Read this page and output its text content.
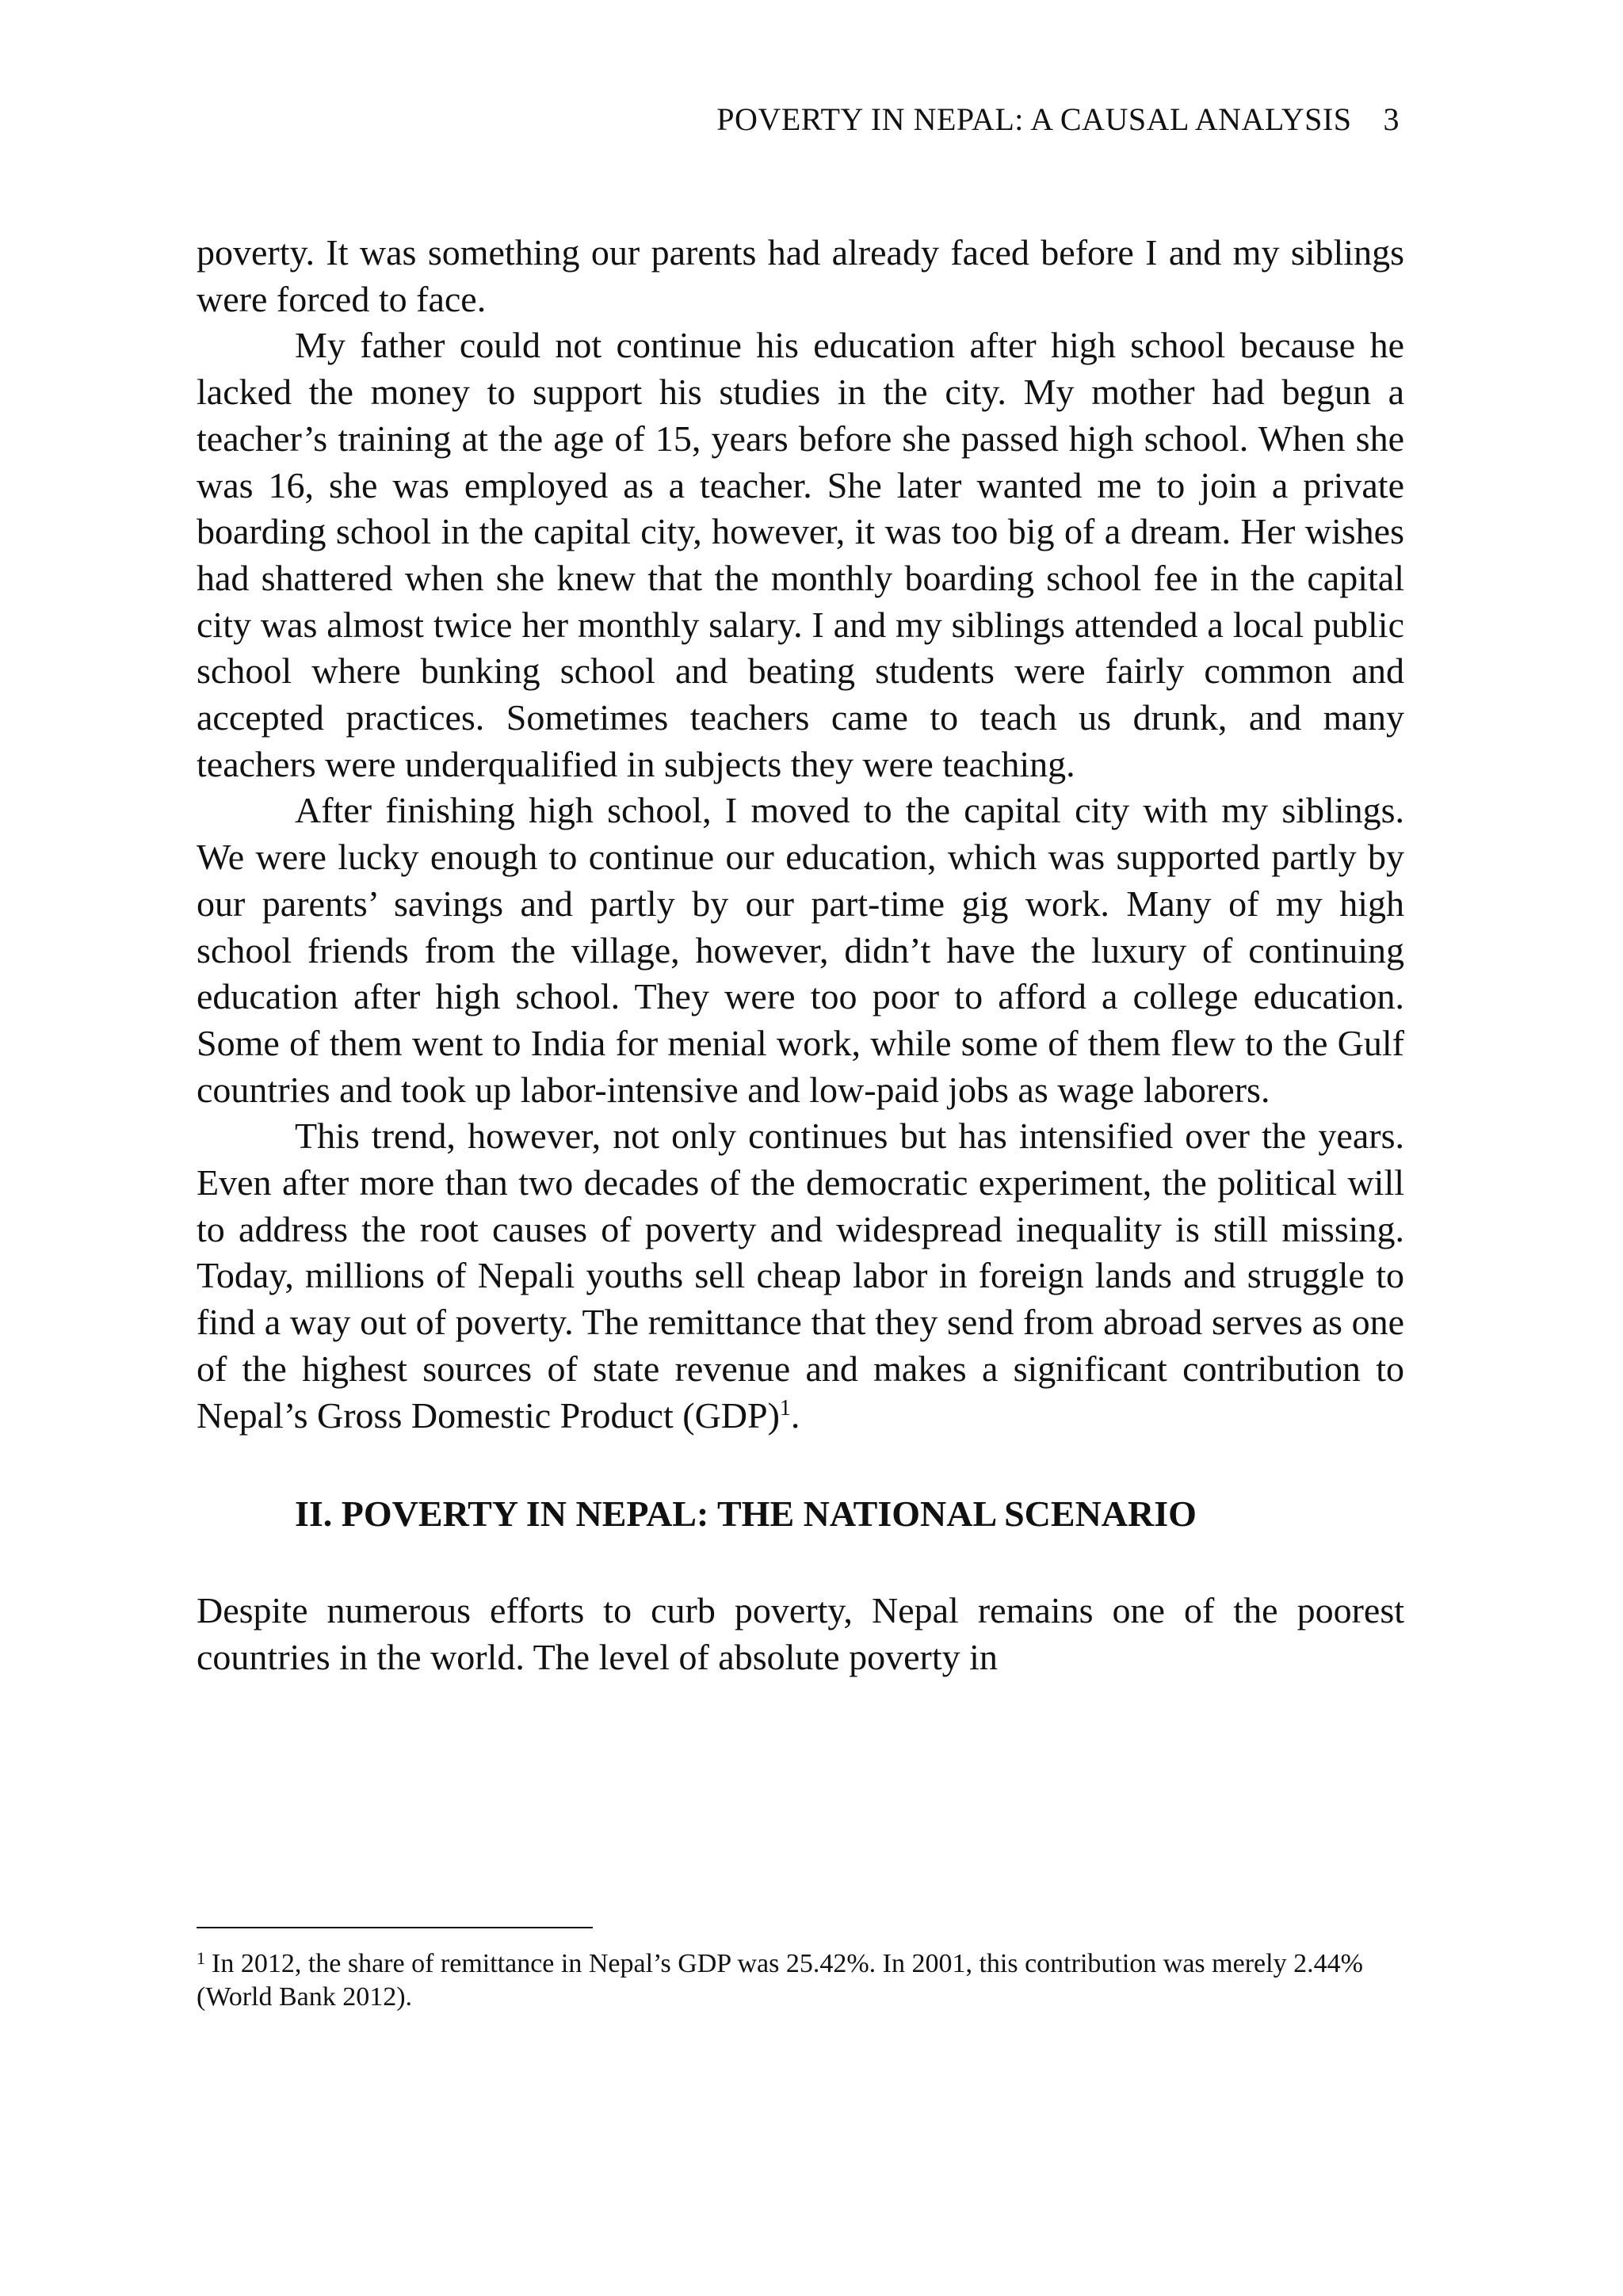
POVERTY IN NEPAL: A CAUSAL ANALYSIS 3

poverty. It was something our parents had already faced before I and my siblings were forced to face.

My father could not continue his education after high school because he lacked the money to support his studies in the city. My mother had begun a teacher’s training at the age of 15, years before she passed high school. When she was 16, she was employed as a teacher. She later wanted me to join a private boarding school in the capital city, however, it was too big of a dream. Her wishes had shattered when she knew that the monthly boarding school fee in the capital city was almost twice her monthly salary. I and my siblings attended a local public school where bunking school and beating students were fairly common and accepted practices. Sometimes teachers came to teach us drunk, and many teachers were underqualified in subjects they were teaching.

After finishing high school, I moved to the capital city with my siblings. We were lucky enough to continue our education, which was supported partly by our parents’ savings and partly by our part-time gig work. Many of my high school friends from the village, however, didn’t have the luxury of continuing education after high school. They were too poor to afford a college education. Some of them went to India for menial work, while some of them flew to the Gulf countries and took up labor-intensive and low-paid jobs as wage laborers.

This trend, however, not only continues but has intensified over the years. Even after more than two decades of the democratic experiment, the political will to address the root causes of poverty and widespread inequality is still missing. Today, millions of Nepali youths sell cheap labor in foreign lands and struggle to find a way out of poverty. The remittance that they send from abroad serves as one of the highest sources of state revenue and makes a significant contribution to Nepal’s Gross Domestic Product (GDP)$^1$.

II. POVERTY IN NEPAL: THE NATIONAL SCENARIO

Despite numerous efforts to curb poverty, Nepal remains one of the poorest countries in the world. The level of absolute poverty in

$^1$ In 2012, the share of remittance in Nepal’s GDP was 25.42%. In 2001, this contribution was merely 2.44% (World Bank 2012).
